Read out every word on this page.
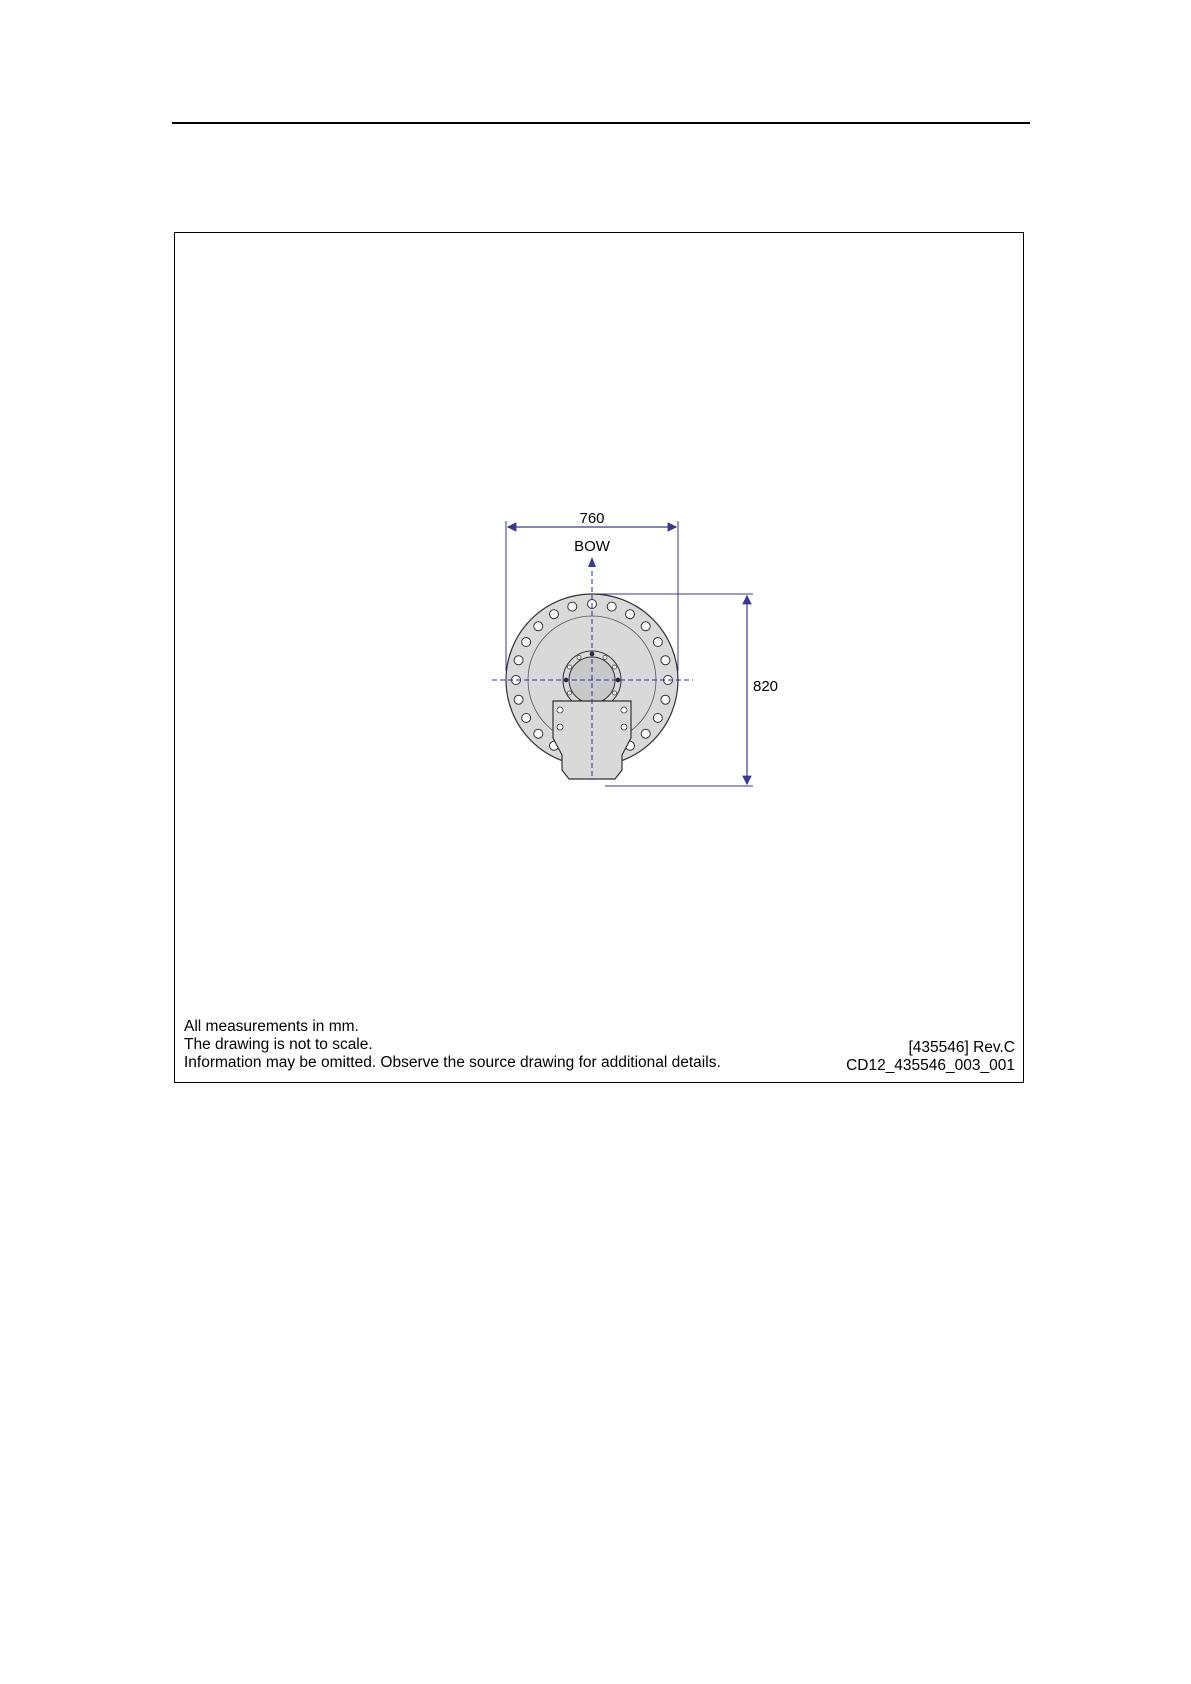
760
820
BOW
All measurements in mm.
The drawing is not to scale.
Information may be omitted. Observe the source drawing for additional details.
[435546] Rev.C
CD12_435546_003_001
